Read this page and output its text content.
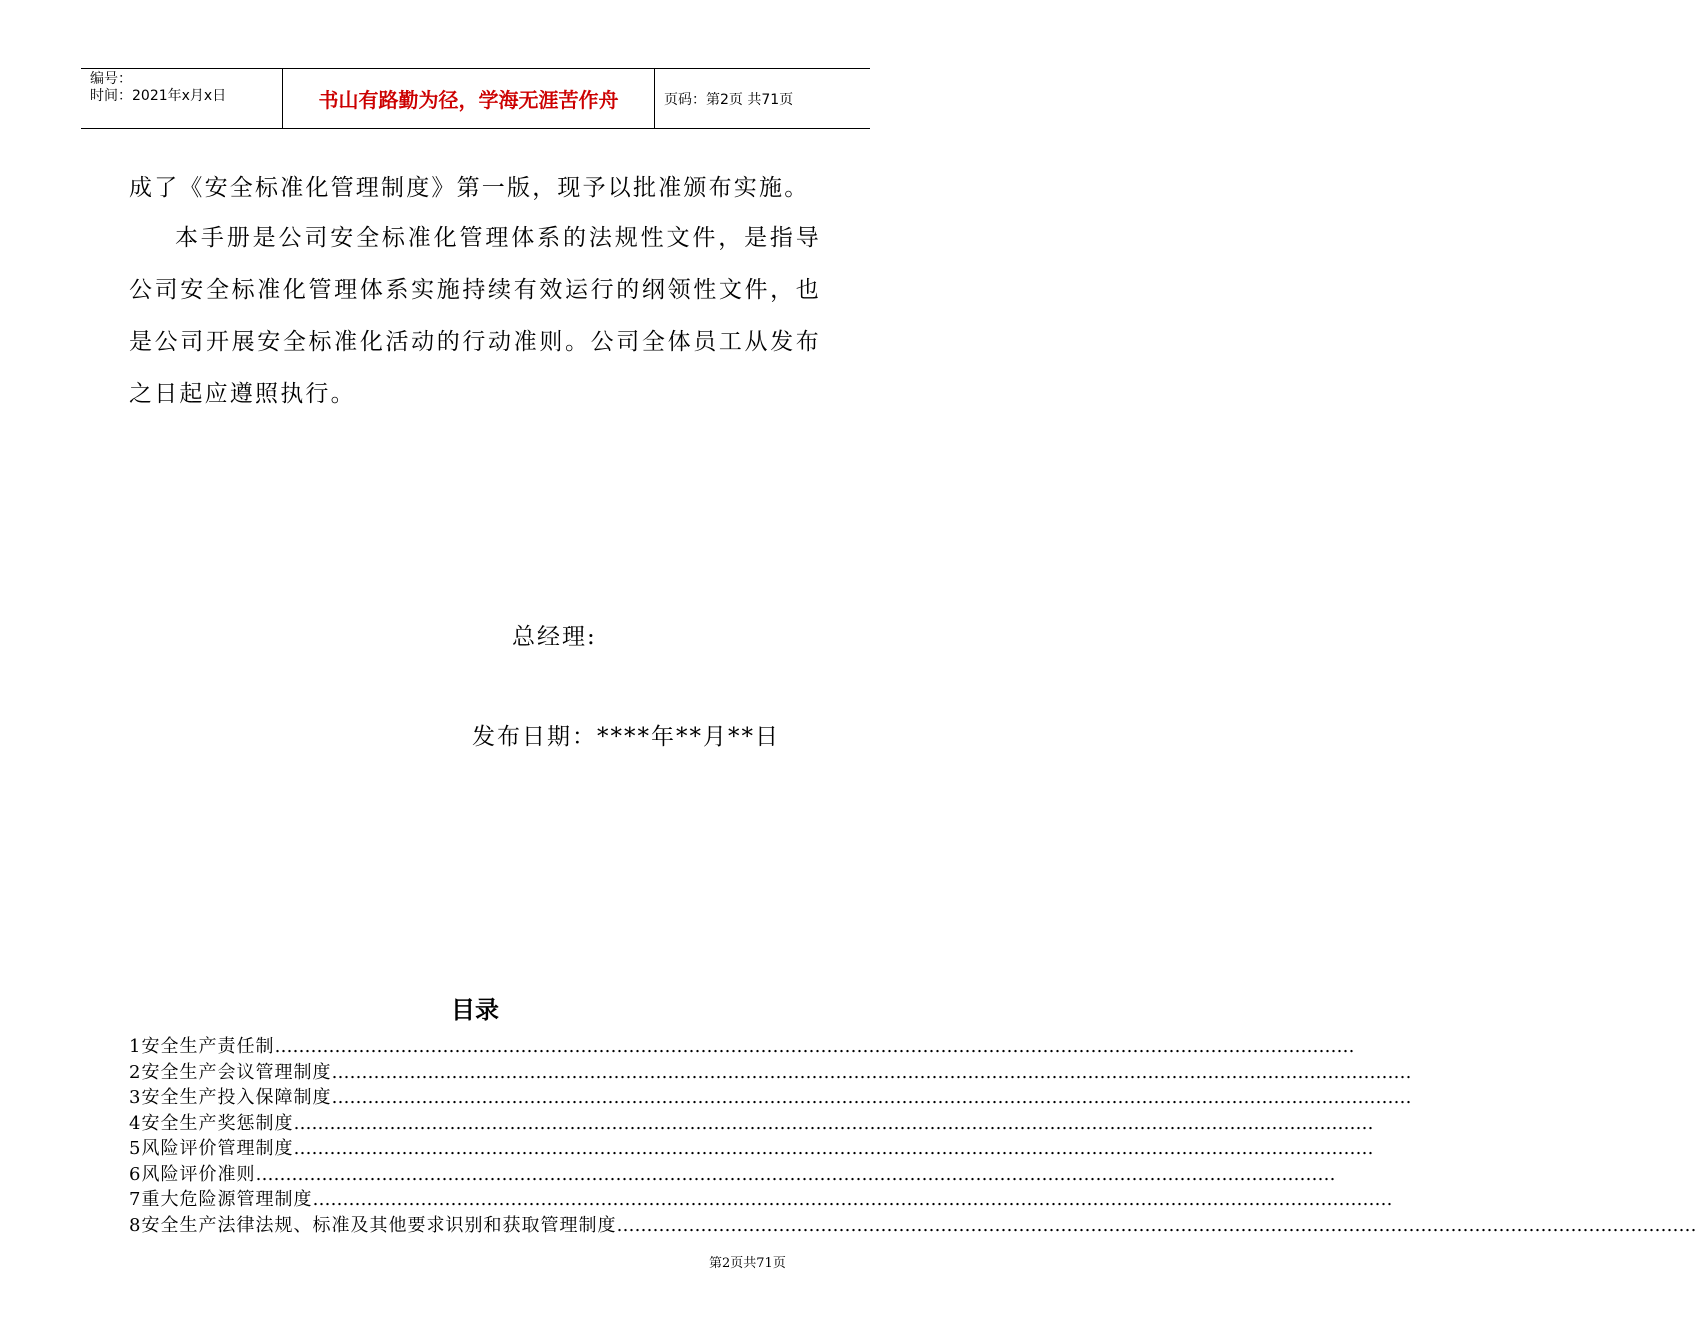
编号：
时间：2021年x月x日	书山有路勤为径，学海无涯苦作舟	页码：第2页 共71页
成了《安全标准化管理制度》第一版，现予以批准颁布实施。
本手册是公司安全标准化管理体系的法规性文件，是指导公司安全标准化管理体系实施持续有效运行的纲领性文件，也是公司开展安全标准化活动的行动准则。公司全体员工从发布之日起应遵照执行。
总经理:
发布日期：****年**月**日
目录
1安全生产责任制 ………………………………………………………………………………………………………………………………………………………………
2安全生产会议管理制度 ………………………………………………………………………………………………………………………………………………………………
3安全生产投入保障制度 ………………………………………………………………………………………………………………………………………………………………
4安全生产奖惩制度 ………………………………………………………………………………………………………………………………………………………………
5风险评价管理制度 ………………………………………………………………………………………………………………………………………………………………
6风险评价准则 ………………………………………………………………………………………………………………………………………………………………
7重大危险源管理制度 ………………………………………………………………………………………………………………………………………………………………
8安全生产法律法规、标准及其他要求识别和获取管理制度 ………………………………………………………………………………………………………………………………………………………………
第2页共71页
